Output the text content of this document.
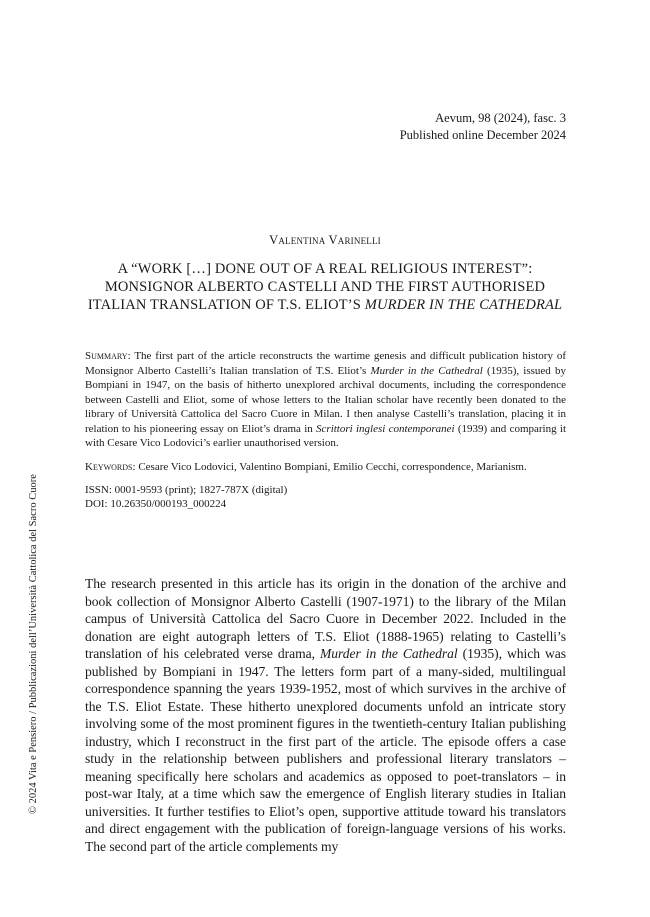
Aevum, 98 (2024), fasc. 3
Published online December 2024
Valentina Varinelli
A “WORK […] DONE OUT OF A REAL RELIGIOUS INTEREST”:
MONSIGNOR ALBERTO CASTELLI AND THE FIRST AUTHORISED
ITALIAN TRANSLATION OF T.S. ELIOT’S MURDER IN THE CATHEDRAL

Summary: The first part of the article reconstructs the wartime genesis and difficult publication history of Monsignor Alberto Castelli’s Italian translation of T.S. Eliot’s Murder in the Cathedral (1935), issued by Bompiani in 1947, on the basis of hitherto unexplored archival documents, including the correspondence between Castelli and Eliot, some of whose letters to the Italian scholar have recently been donated to the library of Università Cattolica del Sacro Cuore in Milan. I then analyse Castelli’s translation, placing it in relation to his pioneering essay on Eliot’s drama in Scrittori inglesi contemporanei (1939) and comparing it with Cesare Vico Lodovici’s earlier unauthorised version.

Keywords: Cesare Vico Lodovici, Valentino Bompiani, Emilio Cecchi, correspondence, Marianism.

ISSN: 0001-9593 (print); 1827-787X (digital)

DOI: 10.26350/000193_000224

The research presented in this article has its origin in the donation of the archive and book collection of Monsignor Alberto Castelli (1907-1971) to the library of the Milan campus of Università Cattolica del Sacro Cuore in December 2022. Included in the donation are eight autograph letters of T.S. Eliot (1888-1965) relating to Castelli’s translation of his celebrated verse drama, Murder in the Cathedral (1935), which was published by Bompiani in 1947. The letters form part of a many-sided, multilingual correspondence spanning the years 1939-1952, most of which survives in the archive of the T.S. Eliot Estate. These hitherto unexplored documents unfold an intricate story involving some of the most prominent figures in the twentieth-century Italian publishing industry, which I reconstruct in the first part of the article. The episode offers a case study in the relationship between publishers and professional literary translators – meaning specifically here scholars and academics as opposed to poet-translators – in post-war Italy, at a time which saw the emergence of English literary studies in Italian universities. It further testifies to Eliot’s open, supportive attitude toward his translators and direct engagement with the publication of foreign-language versions of his works. The second part of the article complements my

© 2024 Vita e Pensiero / Pubblicazioni dell’Università Cattolica del Sacro Cuore
